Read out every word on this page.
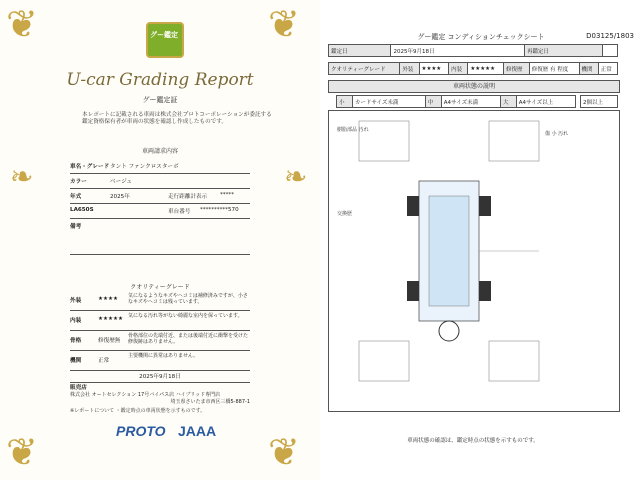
❦	❦
❦	❦
❧	❧
グー鑑定
U-car Grading Report
グー鑑定証
本レポートに記載される車両は株式会社プロトコーポレーションが委託する鑑定資格保有者が車両の状態を確認し作成したものです。
車両請求内容
車名・グレード タント ファンクロスターボ
カラー	ベージュ
年式	2025年	走行距離計表示 *****
LA650S	車台番号 **********570
備考
クオリティーグレード
外装	★★★★ 気になるようなキズやヘコミは補修済みですが、小さなキズやヘコミは残っています。
内装	★★★★★ 気になる汚れ等がない綺麗な室内を保っています。
骨格	修復歴無
骨格部位の先端付近、または後端付近に衝撃を受けた修復跡はありません。
機関	正常
主要機関に異常はありません。
2025年9月18日
販売店
株式会社 オートセレクション 17号バイパス店 ハイブリッド専門店
埼玉県さいたま市西区三橋5-887-1
※レポートについて ・鑑定時点の車両状態を示すものです。
PROTO JAAA
グー鑑定 コンディションチェックシート	D03125/1803
鑑定日	2025年9月18日	再鑑定日	
クオリティーグレード	外装	★★★★	内装	★★★★★	修復歴	修復歴 有 程度	機関	正常
車両状態の説明
小	カードサイズ未満	中	A4サイズ未満	大	A4サイズ以上	2個以上
樹脂部品 汚れ
交換歴
傷 小 汚れ
車両状態の確認は、鑑定時点の状態を示すものです。
